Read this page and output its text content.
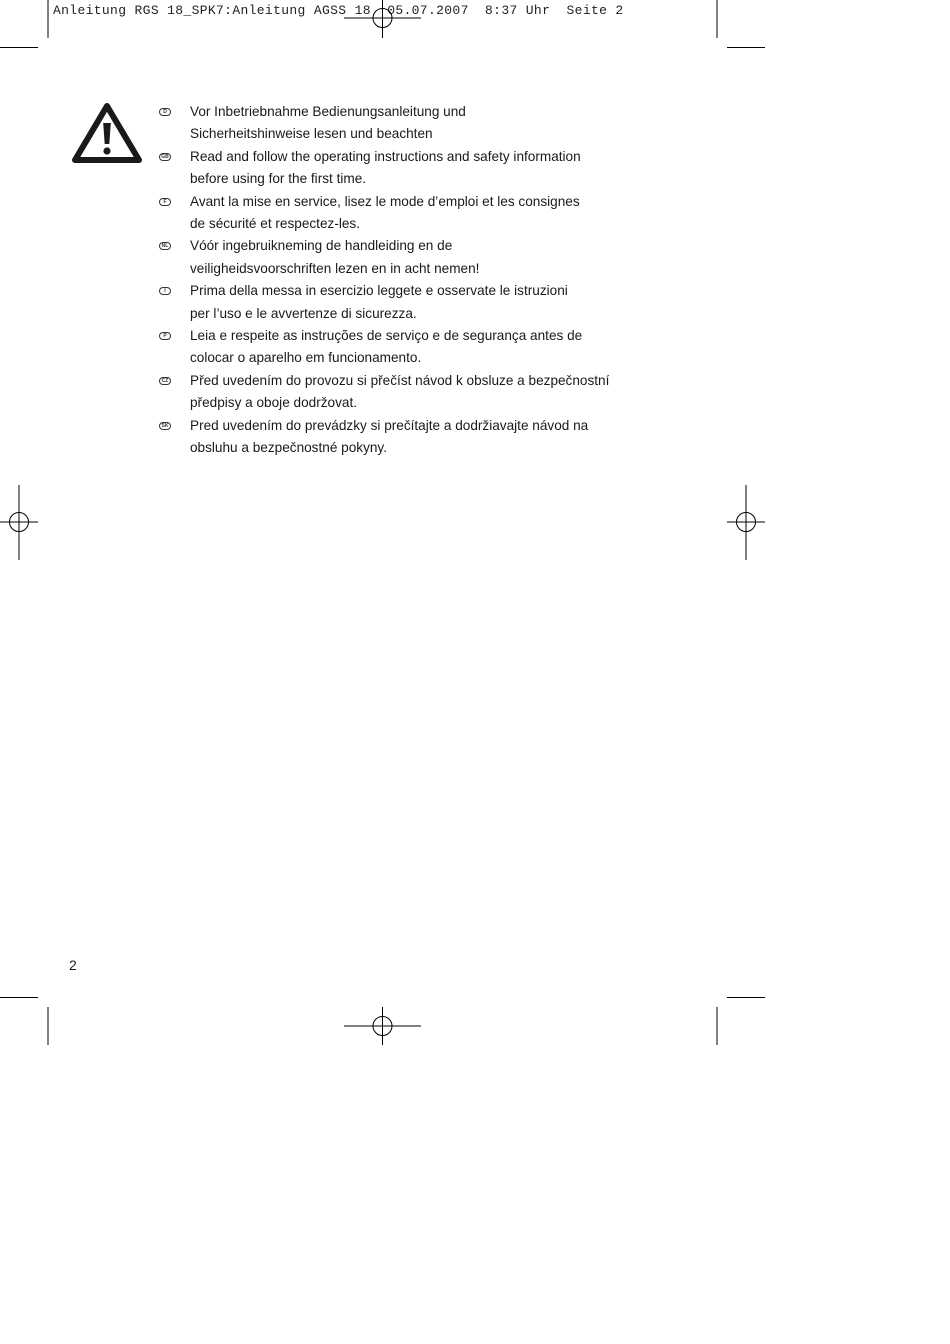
Anleitung RGS 18_SPK7:Anleitung AGSS 18  05.07.2007  8:37 Uhr  Seite 2
D	Vor Inbetriebnahme Bedienungsanleitung und
Sicherheitshinweise lesen und beachten
GB Read and follow the operating instructions and safety information
before using for the first time.
F	Avant la mise en service, lisez le mode d’emploi et les consignes
de sécurité et respectez-les.
NL Vóór ingebruikneming de handleiding en de
veiligheidsvoorschriften lezen en in acht nemen!
I	Prima della messa in esercizio leggete e osservate le istruzioni
per l’uso e le avvertenze di sicurezza.
P	Leia e respeite as instruções de serviço e de segurança antes de
colocar o aparelho em funcionamento.
CZ Před uvedením do provozu si přečíst návod k obsluze a bezpečnostní
předpisy a oboje dodržovat.
SK Pred uvedením do prevádzky si prečítajte a dodržiavajte návod na
obsluhu a bezpečnostné pokyny.
2
